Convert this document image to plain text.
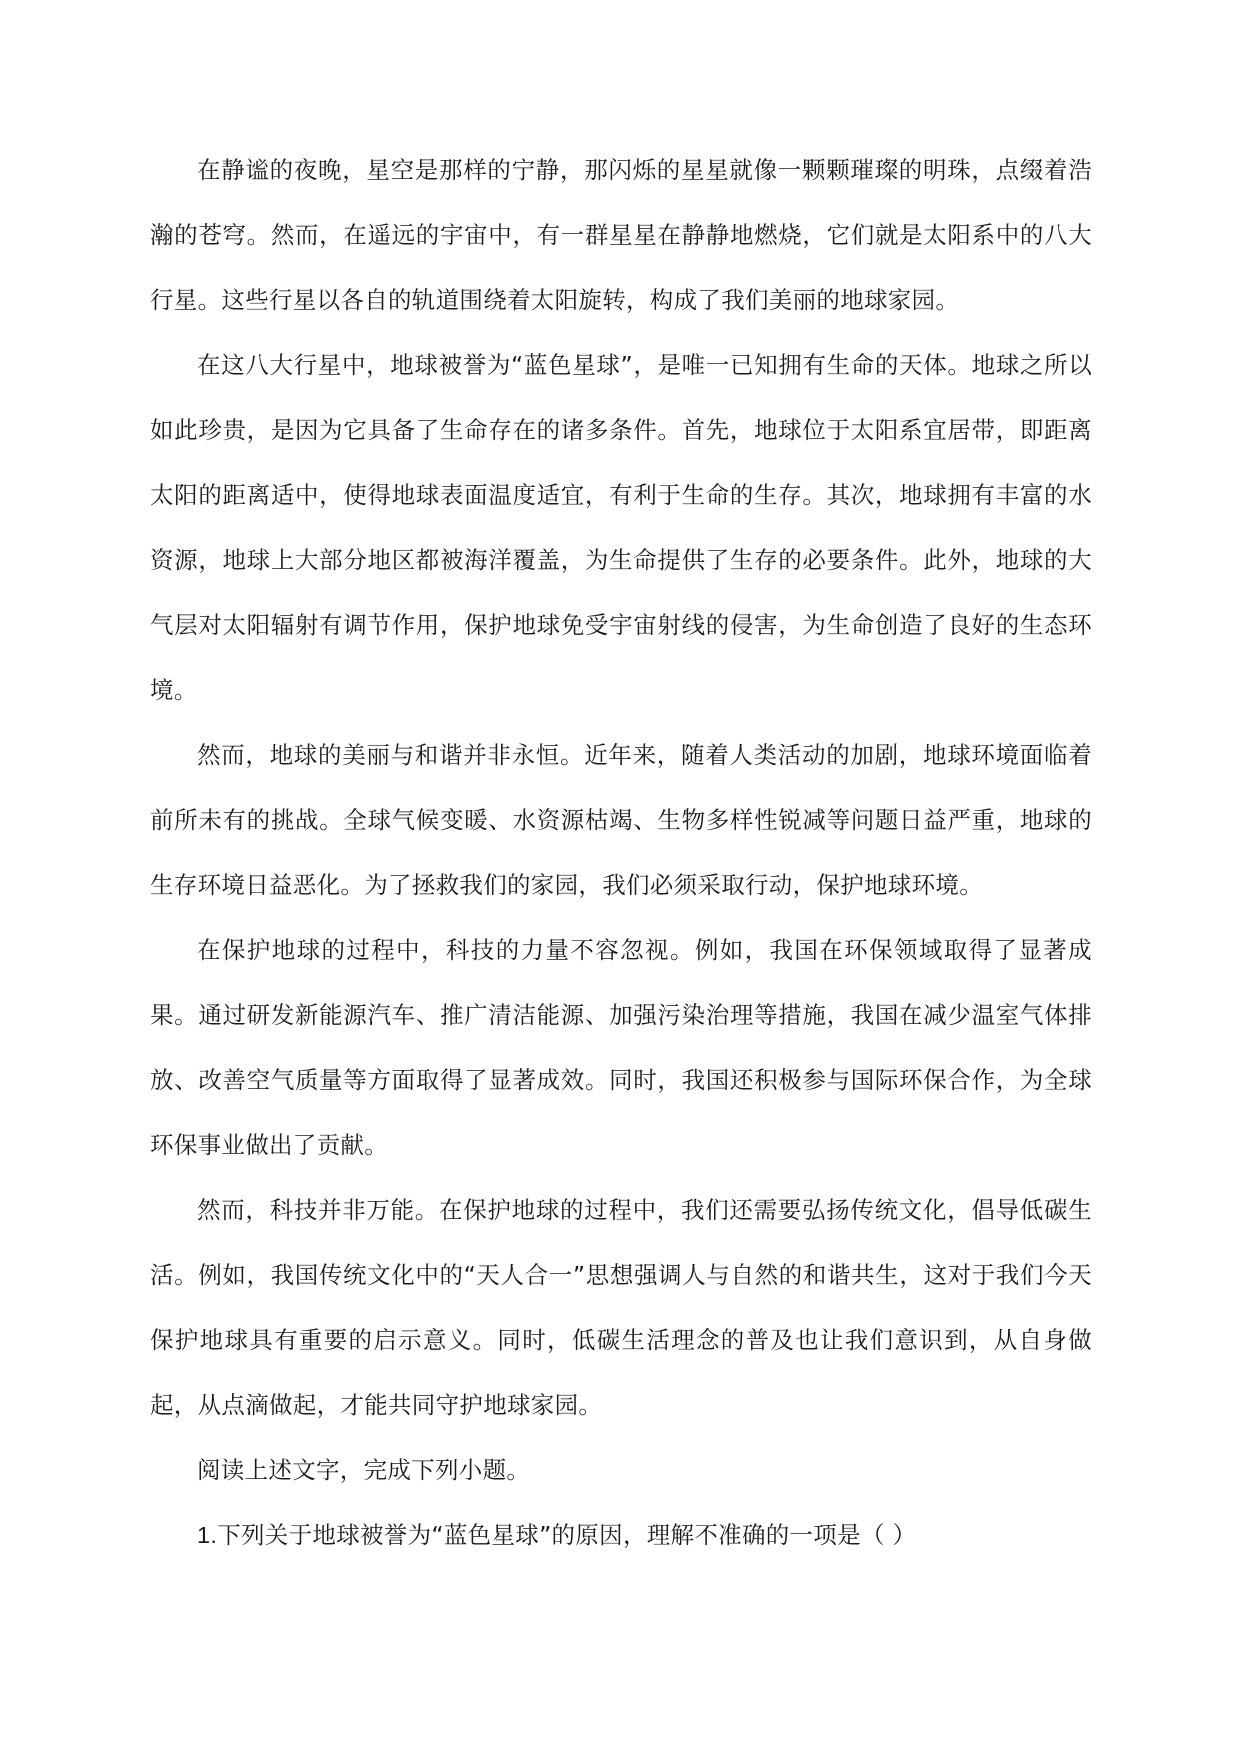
在静谧的夜晚，星空是那样的宁静，那闪烁的星星就像一颗颗璀璨的明珠，点缀着浩瀚的苍穹。然而，在遥远的宇宙中，有一群星星在静静地燃烧，它们就是太阳系中的八大行星。这些行星以各自的轨道围绕着太阳旋转，构成了我们美丽的地球家园。

在这八大行星中，地球被誉为“蓝色星球”，是唯一已知拥有生命的天体。地球之所以如此珍贵，是因为它具备了生命存在的诸多条件。首先，地球位于太阳系宜居带，即距离太阳的距离适中，使得地球表面温度适宜，有利于生命的生存。其次，地球拥有丰富的水资源，地球上大部分地区都被海洋覆盖，为生命提供了生存的必要条件。此外，地球的大气层对太阳辐射有调节作用，保护地球免受宇宙射线的侵害，为生命创造了良好的生态环境。

然而，地球的美丽与和谐并非永恒。近年来，随着人类活动的加剧，地球环境面临着前所未有的挑战。全球气候变暖、水资源枯竭、生物多样性锐减等问题日益严重，地球的生存环境日益恶化。为了拯救我们的家园，我们必须采取行动，保护地球环境。

在保护地球的过程中，科技的力量不容忽视。例如，我国在环保领域取得了显著成果。通过研发新能源汽车、推广清洁能源、加强污染治理等措施，我国在减少温室气体排放、改善空气质量等方面取得了显著成效。同时，我国还积极参与国际环保合作，为全球环保事业做出了贡献。

然而，科技并非万能。在保护地球的过程中，我们还需要弘扬传统文化，倡导低碳生活。例如，我国传统文化中的“天人合一”思想强调人与自然的和谐共生，这对于我们今天保护地球具有重要的启示意义。同时，低碳生活理念的普及也让我们意识到，从自身做起，从点滴做起，才能共同守护地球家园。

阅读上述文字，完成下列小题。

1.下列关于地球被誉为“蓝色星球”的原因，理解不准确的一项是（ ）
